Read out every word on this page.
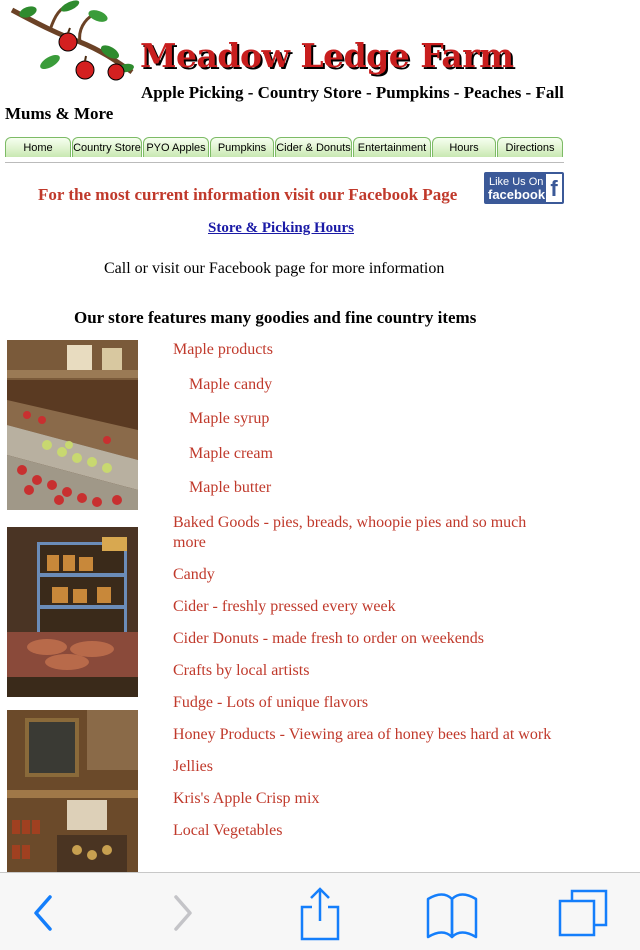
Meadow Ledge Farm
Apple Picking - Country Store - Pumpkins - Peaches - Fall
Mums & More
Home	Country Store PYO Apples	Pumpkins Cider & Donuts Entertainment	Hours	Directions
For the most current information visit our Facebook Page
Like Us On
facebook f
Store & Picking Hours
Call or visit our Facebook page for more information
Our store features many goodies and fine country items
Maple products
Maple candy
Maple syrup
Maple cream
Maple butter
Baked Goods - pies, breads, whoopie pies and so much more
Candy
Cider - freshly pressed every week
Cider Donuts - made fresh to order on weekends
Crafts by local artists
Fudge - Lots of unique flavors
Honey Products - Viewing area of honey bees hard at work
Jellies
Kris's Apple Crisp mix
Local Vegetables
